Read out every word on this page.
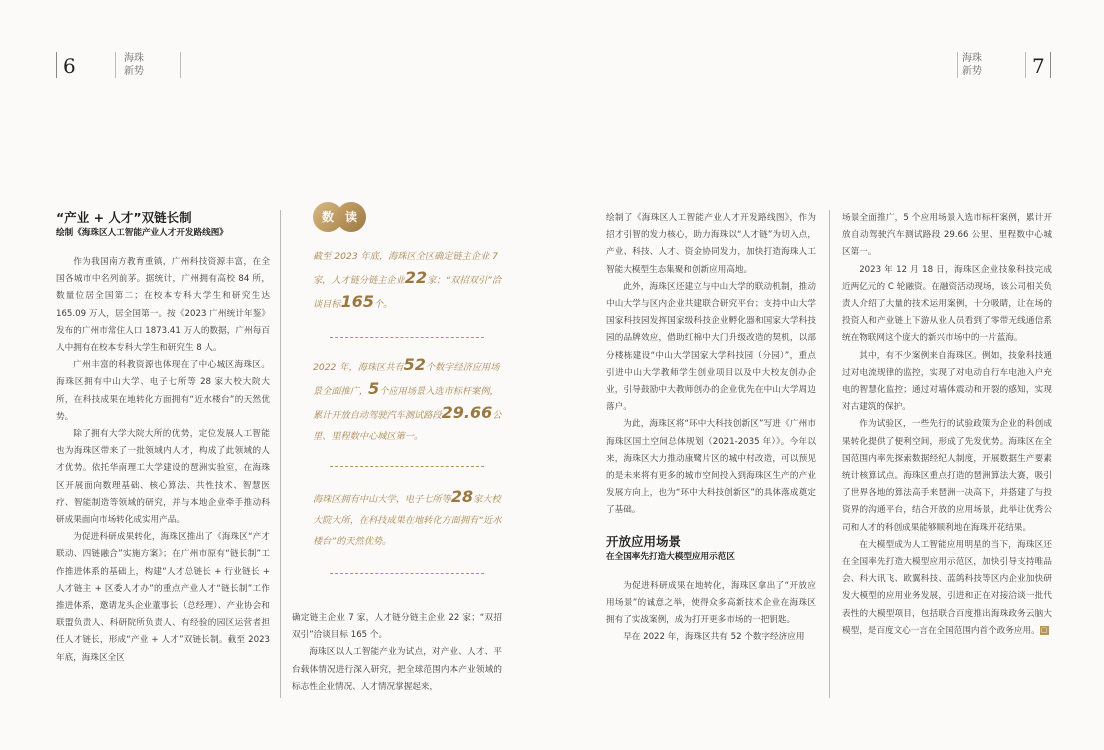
6	海珠
新势
海珠
新势	7
“产业 + 人才”双链长制
绘制《海珠区人工智能产业人才开发路线图》

作为我国南方教育重镇，广州科技资源丰富，在全国各城市中名列前茅。据统计，广州拥有高校 84 所，数量位居全国第二；在校本专科大学生和研究生达 165.09 万人，居全国第一。按《2023 广州统计年鉴》发布的广州市常住人口 1873.41 万人的数据，广州每百人中拥有在校本专科大学生和研究生 8 人。

广州丰富的科教资源也体现在了中心城区海珠区。海珠区拥有中山大学、电子七所等 28 家大校大院大所，在科技成果在地转化方面拥有“近水楼台”的天然优势。

除了拥有大学大院大所的优势，定位发展人工智能也为海珠区带来了一批领域内人才，构成了此领域的人才优势。依托华南理工大学建设的琶洲实验室，在海珠区开展面向数理基础、核心算法、共性技术、智慧医疗、智能制造等领域的研究，并与本地企业牵手推动科研成果面向市场转化成实用产品。

为促进科研成果转化，海珠区推出了《海珠区“产才联动、四链融合”实施方案》；在广州市原有“链长制”工作推进体系的基础上，构建“人才总链长 + 行业链长 + 人才链主 + 区委人才办”的重点产业人才“链长制”工作推进体系，邀请龙头企业董事长（总经理）、产业协会和联盟负责人、科研院所负责人、有经验的园区运营者担任人才链长，形成“产业 + 人才”双链长制。截至 2023 年底，海珠区全区

数 读
截至 2023 年底，海珠区全区确定链主企业 7 家，人才链分链主企业22家；“双招双引”洽谈目标165个。
2022 年，海珠区共有52个数字经济应用场景全面推广，5个应用场景入选市标杆案例，累计开放自动驾驶汽车测试路段29.66公里、里程数中心城区第一。
海珠区拥有中山大学、电子七所等28家大校大院大所，在科技成果在地转化方面拥有“近水楼台”的天然优势。

确定链主企业 7 家，人才链分链主企业 22 家；“双招双引”洽谈目标 165 个。

海珠区以人工智能产业为试点，对产业、人才、平台载体情况进行深入研究，把全球范围内本产业领域的标志性企业情况、人才情况掌握起来，

绘制了《海珠区人工智能产业人才开发路线图》，作为招才引智的发力核心，助力海珠以“人才链”为切入点，产业、科技、人才、资金协同发力，加快打造海珠人工智能大模型生态集聚和创新应用高地。

此外，海珠区还建立与中山大学的联动机制，推动中山大学与区内企业共建联合研究平台；支持中山大学国家科技园发挥国家级科技企业孵化器和国家大学科技园的品牌效应，借助红棉中大门升级改造的契机，以部分楼栋建设“中山大学国家大学科技园（分园）”，重点引进中山大学教师学生创业项目以及中大校友创办企业，引导鼓励中大教师创办的企业优先在中山大学周边落户。

为此，海珠区将“环中大科技创新区”写进《广州市海珠区国土空间总体规划（2021-2035 年）》。今年以来，海珠区大力推动康鹭片区的城中村改造，可以预见的是未来将有更多的城市空间投入到海珠区生产的产业发展方向上，也为“环中大科技创新区”的具体落成奠定了基础。

开放应用场景
在全国率先打造大模型应用示范区

为促进科研成果在地转化，海珠区拿出了“开放应用场景”的诚意之举，使得众多高新技术企业在海珠区拥有了实战案例，成为打开更多市场的一把钥匙。

早在 2022 年，海珠区共有 52 个数字经济应用

场景全面推广，5 个应用场景入选市标杆案例，累计开放自动驾驶汽车测试路段 29.66 公里、里程数中心城区第一。

2023 年 12 月 18 日，海珠区企业技象科技完成近两亿元的 C 轮融资。在融资活动现场，该公司相关负责人介绍了大量的技术运用案例，十分吸睛，让在场的投资人和产业链上下游从业人员看到了零带无线通信系统在物联网这个庞大的新兴市场中的一片蓝海。

其中，有不少案例来自海珠区。例如，技象科技通过对电流规律的监控，实现了对电动自行车电池入户充电的智慧化监控；通过对墙体震动和开裂的感知，实现对古建筑的保护。

作为试验区，一些先行的试验政策为企业的科创成果转化提供了便利空间，形成了先发优势。海珠区在全国范围内率先探索数据经纪人制度，开展数据生产要素统计核算试点。海珠区重点打造的琶洲算法大赛，吸引了世界各地的算法高手来琶洲一决高下，并搭建了与投资界的沟通平台，结合开放的应用场景，此举让优秀公司和人才的科创成果能够顺利地在海珠开花结果。

在大模型成为人工智能应用明星的当下，海珠区还在全国率先打造大模型应用示范区，加快引导支持唯品会、科大讯飞、欧翼科技、蓝鸽科技等区内企业加快研发大模型的应用业务发展，引进和正在对接洽谈一批代表性的大模型项目，包括联合百度推出海珠政务云脑大模型，是百度文心一言在全国范围内首个政务应用。▢
